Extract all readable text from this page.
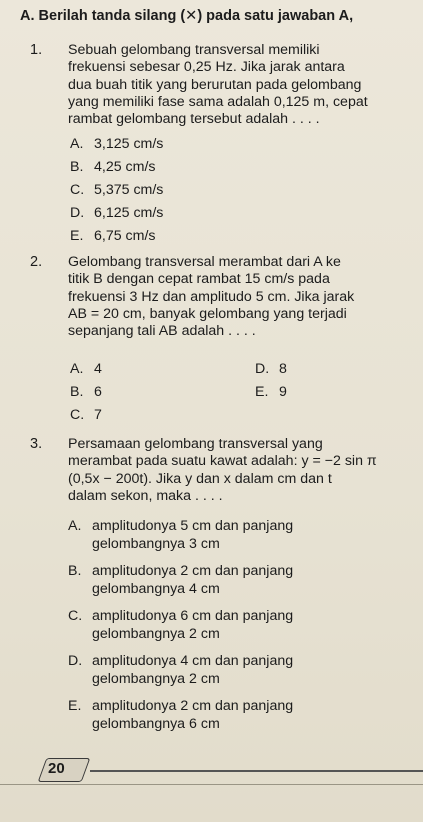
A. Berilah tanda silang (✕) pada satu jawaban A,
1. Sebuah gelombang transversal memiliki
frekuensi sebesar 0,25 Hz. Jika jarak antara
dua buah titik yang berurutan pada gelombang
yang memiliki fase sama adalah 0,125 m, cepat
rambat gelombang tersebut adalah . . . .
A. 3,125 cm/s
B. 4,25 cm/s
C. 5,375 cm/s
D. 6,125 cm/s
E. 6,75 cm/s
2. Gelombang transversal merambat dari A ke
titik B dengan cepat rambat 15 cm/s pada
frekuensi 3 Hz dan amplitudo 5 cm. Jika jarak
AB = 20 cm, banyak gelombang yang terjadi
sepanjang tali AB adalah . . . .
A. 4	D. 8
B. 6	E. 9
C. 7
3. Persamaan gelombang transversal yang
merambat pada suatu kawat adalah: y = −2 sin π
(0,5x − 200t). Jika y dan x dalam cm dan t
dalam sekon, maka . . . .
A. amplitudonya 5 cm dan panjang
gelombangnya 3 cm
B. amplitudonya 2 cm dan panjang
gelombangnya 4 cm
C. amplitudonya 6 cm dan panjang
gelombangnya 2 cm
D. amplitudonya 4 cm dan panjang
gelombangnya 2 cm
E. amplitudonya 2 cm dan panjang
gelombangnya 6 cm
20
